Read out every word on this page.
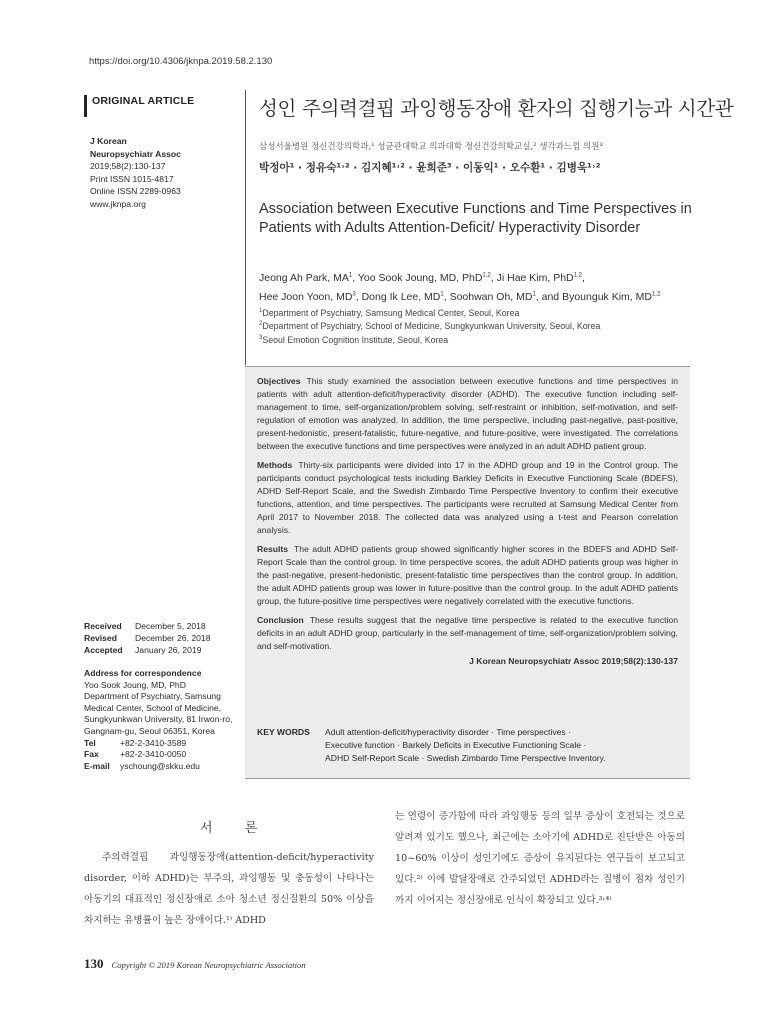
https://doi.org/10.4306/jknpa.2019.58.2.130
ORIGINAL ARTICLE
J Korean
Neuropsychiatr Assoc
2019;58(2):130-137
Print ISSN 1015-4817
Online ISSN 2289-0963
www.jknpa.org
Received	December 5, 2018
Revised	December 26, 2018
Accepted	January 26, 2019
Address for correspondence
Yoo Sook Joung, MD, PhD
Department of Psychiatry, Samsung
Medical Center, School of Medicine,
Sungkyunkwan University, 81 Irwon-ro,
Gangnam-gu, Seoul 06351, Korea
Tel	+82-2-3410-3589
Fax	+82-2-3410-0050
E-mail	yschoung@skku.edu
성인 주의력결핍 과잉행동장애 환자의 집행기능과 시간관
삼성서울병원 정신건강의학과,¹ 성균관대학교 의과대학 정신건강의학교실,² 생각과느낌 의원³
박정아¹ · 정유숙¹˒² · 김지혜¹˒² · 윤희준³ · 이동익¹ · 오수환¹ · 김병욱¹˒²
Association between Executive Functions and Time Perspectives in Patients with Adults Attention-Deficit/ Hyperactivity Disorder
Jeong Ah Park, $MA^1$, Yoo Sook Joung, MD, PhD$^{1,2}$, Ji Hae Kim, PhD$^{1,2}$,
Hee Joon Yoon, $MD^3$, Dong Ik Lee, $MD^1$, Soohwan Oh, $MD^1$, and Byounguk Kim, MD$^{1,2}$
$^1$Department of Psychiatry, Samsung Medical Center, Seoul, Korea
$^2$Department of Psychiatry, School of Medicine, Sungkyunkwan University, Seoul, Korea
$^3$Seoul Emotion Cognition Institute, Seoul, Korea

Objectives This study examined the association between executive functions and time perspectives in patients with adult attention-deficit/hyperactivity disorder (ADHD). The executive function including self-management to time, self-organization/problem solving, self-restraint or inhibition, self-motivation, and self-regulation of emotion was analyzed. In addition, the time perspective, including past-negative, past-positive, present-hedonistic, present-fatalistic, future-negative, and future-positive, were investigated. The correlations between the executive functions and time perspectives were analyzed in an adult ADHD patient group.

Methods Thirty-six participants were divided into 17 in the ADHD group and 19 in the Control group. The participants conduct psychological tests including Barkley Deficits in Executive Functioning Scale (BDEFS), ADHD Self-Report Scale, and the Swedish Zimbardo Time Perspective Inventory to confirm their executive functions, attention, and time perspectives. The participants were recruited at Samsung Medical Center from April 2017 to November 2018. The collected data was analyzed using a t-test and Pearson correlation analysis.

Results The adult ADHD patients group showed significantly higher scores in the BDEFS and ADHD Self-Report Scale than the control group. In time perspective scores, the adult ADHD patients group was higher in the past-negative, present-hedonistic, present-fatalistic time perspectives than the control group. In addition, the adult ADHD patients group was lower in future-positive than the control group. In the adult ADHD patients group, the future-positive time perspectives were negatively correlated with the executive functions.

Conclusion These results suggest that the negative time perspective is related to the executive function deficits in an adult ADHD group, particularly in the self-management of time, self-organization/problem solving, and self-motivation.

J Korean Neuropsychiatr Assoc 2019;58(2):130-137
KEY WORDS	Adult attention-deficit/hyperactivity disorder · Time perspectives ·
Executive function · Barkely Deficits in Executive Functioning Scale ·
ADHD Self-Report Scale · Swedish Zimbardo Time Perspective Inventory.
서 론
주의력결핍 과잉행동장애(attention-deficit/hyperactivity disorder, 이하 ADHD)는 부주의, 과잉행동 및 충동성이 나타나는 아동기의 대표적인 정신장애로 소아 청소년 정신질환의 50% 이상을 차지하는 유병률이 높은 장애이다.¹⁾ ADHD
는 연령이 증가함에 따라 과잉행동 등의 일부 증상이 호전되는 것으로 알려져 있기도 했으나, 최근에는 소아기에 ADHD로 진단받은 아동의 10~60% 이상이 성인기에도 증상이 유지된다는 연구들이 보고되고 있다.²⁾ 이에 발달장애로 간주되었던 ADHD라는 질병이 점차 성인기까지 이어지는 정신장애로 인식이 확장되고 있다.³˒⁴⁾
130 Copyright © 2019 Korean Neuropsychiatric Association
